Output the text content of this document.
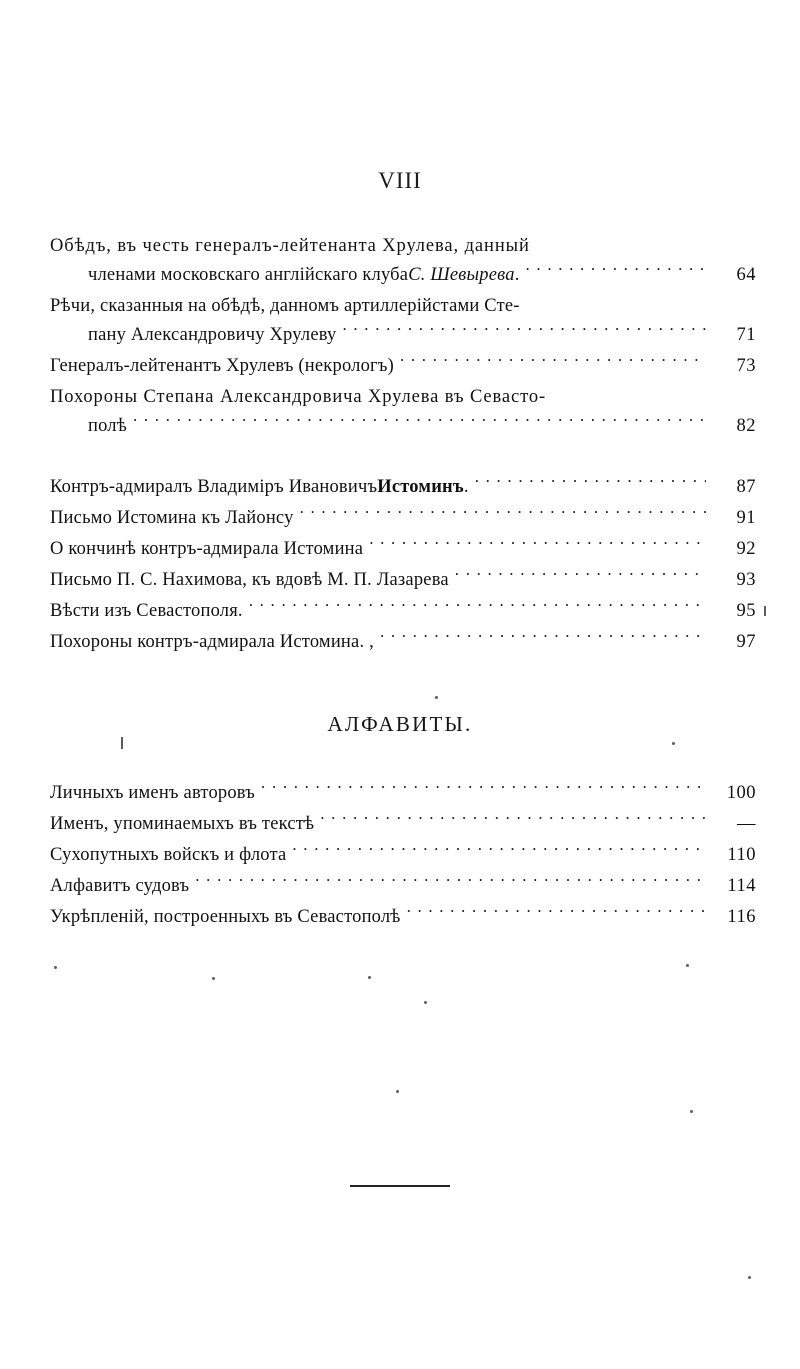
VIII
Обѣдъ, въ честь генералъ-лейтенанта Хрулева, данный
членами московскаго англійскаго клуба С. Шевырева . . . .	64
Рѣчи, сказанныя на обѣдѣ, данномъ артиллерійстами Сте-
пану Александровичу Хрулеву . . .	71
Генералъ-лейтенантъ Хрулевъ (некрологъ) . . .	73
Похороны Степана Александровича Хрулева въ Севасто-
полѣ . . .	82
Контръ-адмиралъ Владиміръ Ивановичъ Истоминъ . . . .	87
Письмо Истомина къ Лайонсу . . .	91
О кончинѣ контръ-адмирала Истомина . . .	92
Письмо П. С. Нахимова, къ вдовѣ М. П. Лазарева . . .	93
Вѣсти изъ Севастополя . . . .	95
Похороны контръ-адмирала Истомина . , . . .	97
АЛФАВИТЫ.
Личныхъ именъ авторовъ . . .	100
Именъ, упоминаемыхъ въ текстѣ . . .	—
Сухопутныхъ войскъ и флота . . .	110
Алфавитъ судовъ . . .	114
Укрѣпленій, построенныхъ въ Севастополѣ . . .	116
